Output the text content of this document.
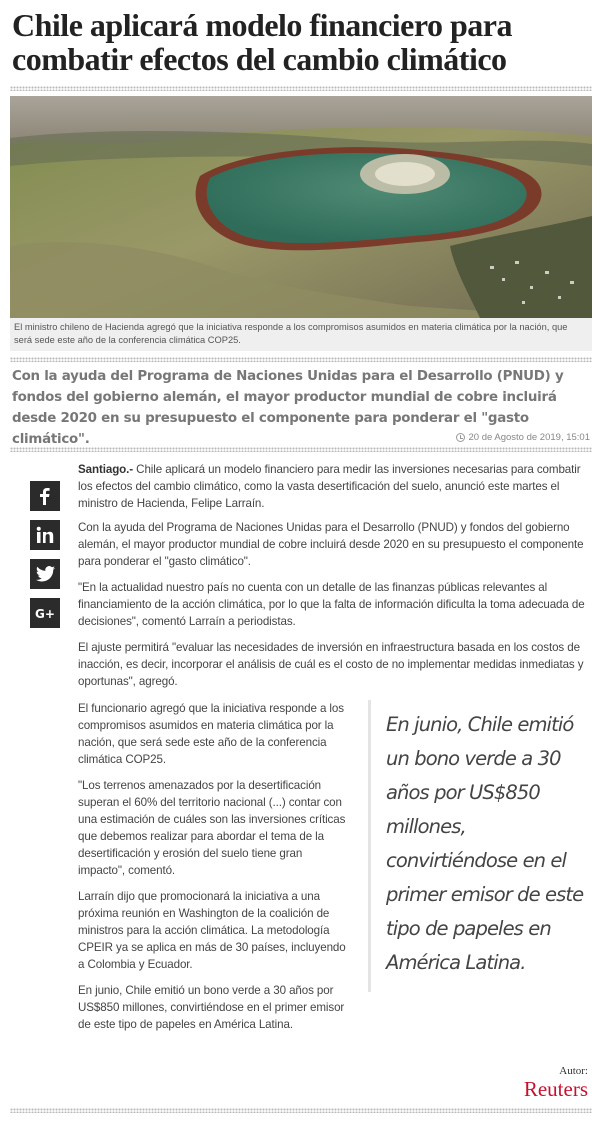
Chile aplicará modelo financiero para combatir efectos del cambio climático
El ministro chileno de Hacienda agregó que la iniciativa responde a los compromisos asumidos en materia climática por la nación, que será sede este año de la conferencia climática COP25.

Con la ayuda del Programa de Naciones Unidas para el Desarrollo (PNUD) y fondos del gobierno alemán, el mayor productor mundial de cobre incluirá desde 2020 en su presupuesto el componente para ponderar el "gasto climático".	20 de Agosto de 2019, 15:01
G+

Santiago.- Chile aplicará un modelo financiero para medir las inversiones necesarias para combatir los efectos del cambio climático, como la vasta desertificación del suelo, anunció este martes el ministro de Hacienda, Felipe Larraín.

Con la ayuda del Programa de Naciones Unidas para el Desarrollo (PNUD) y fondos del gobierno alemán, el mayor productor mundial de cobre incluirá desde 2020 en su presupuesto el componente para ponderar el "gasto climático".

"En la actualidad nuestro país no cuenta con un detalle de las finanzas públicas relevantes al financiamiento de la acción climática, por lo que la falta de información dificulta la toma adecuada de decisiones", comentó Larraín a periodistas.

El ajuste permitirá "evaluar las necesidades de inversión en infraestructura basada en los costos de inacción, es decir, incorporar el análisis de cuál es el costo de no implementar medidas inmediatas y oportunas", agregó.

El funcionario agregó que la iniciativa responde a los compromisos asumidos en materia climática por la nación, que será sede este año de la conferencia climática COP25.

"Los terrenos amenazados por la desertificación superan el 60% del territorio nacional (...) contar con una estimación de cuáles son las inversiones críticas que debemos realizar para abordar el tema de la desertificación y erosión del suelo tiene gran impacto", comentó.

Larraín dijo que promocionará la iniciativa a una próxima reunión en Washington de la coalición de ministros para la acción climática. La metodología CPEIR ya se aplica en más de 30 países, incluyendo a Colombia y Ecuador.

En junio, Chile emitió un bono verde a 30 años por US$850 millones, convirtiéndose en el primer emisor de este tipo de papeles en América Latina.

En junio, Chile emitió un bono verde a 30 años por US$850 millones, convirtiéndose en el primer emisor de este tipo de papeles en América Latina.
Autor:
Reuters
